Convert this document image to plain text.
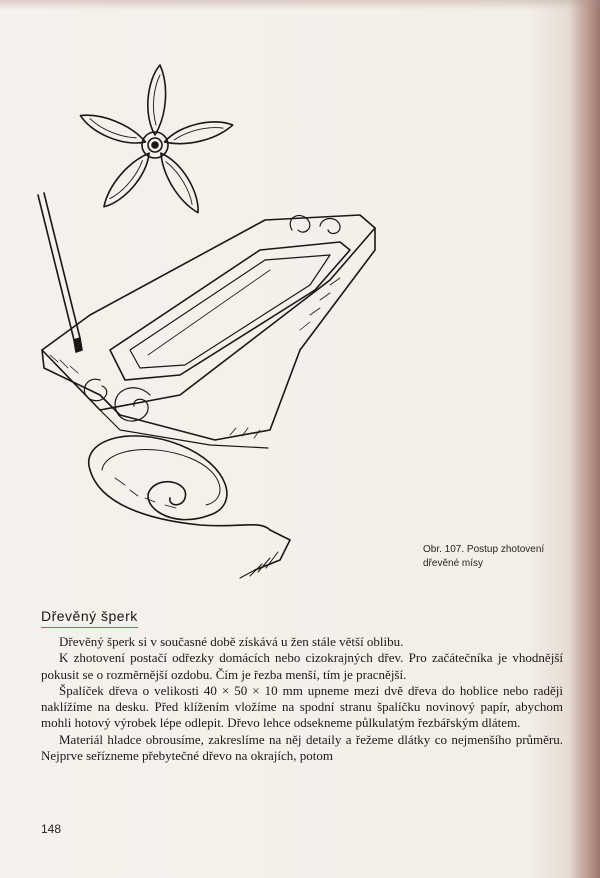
Obr. 107. Postup zhotovení
dřevěné mísy
Dřevěný šperk

Dřevěný šperk si v současné době získává u žen stále větší oblibu.

K zhotovení postačí odřezky domácích nebo cizokrajných dřev. Pro začátečníka je vhodnější pokusit se o rozměrnější ozdobu. Čím je řezba menší, tím je pracnější.

Špalíček dřeva o velikosti 40 × 50 × 10 mm upneme mezi dvě dřeva do hoblice nebo raději naklížíme na desku. Před klížením vložíme na spodní stranu špalíčku novinový papír, abychom mohli hotový výrobek lépe odlepit. Dřevo lehce odsekneme půlkulatým řezbářským dlátem.

Materiál hladce obrousíme, zakreslíme na něj detaily a řežeme dlátky co nejmenšího průměru. Nejprve seřízneme přebytečné dřevo na okrajích, potom

148
